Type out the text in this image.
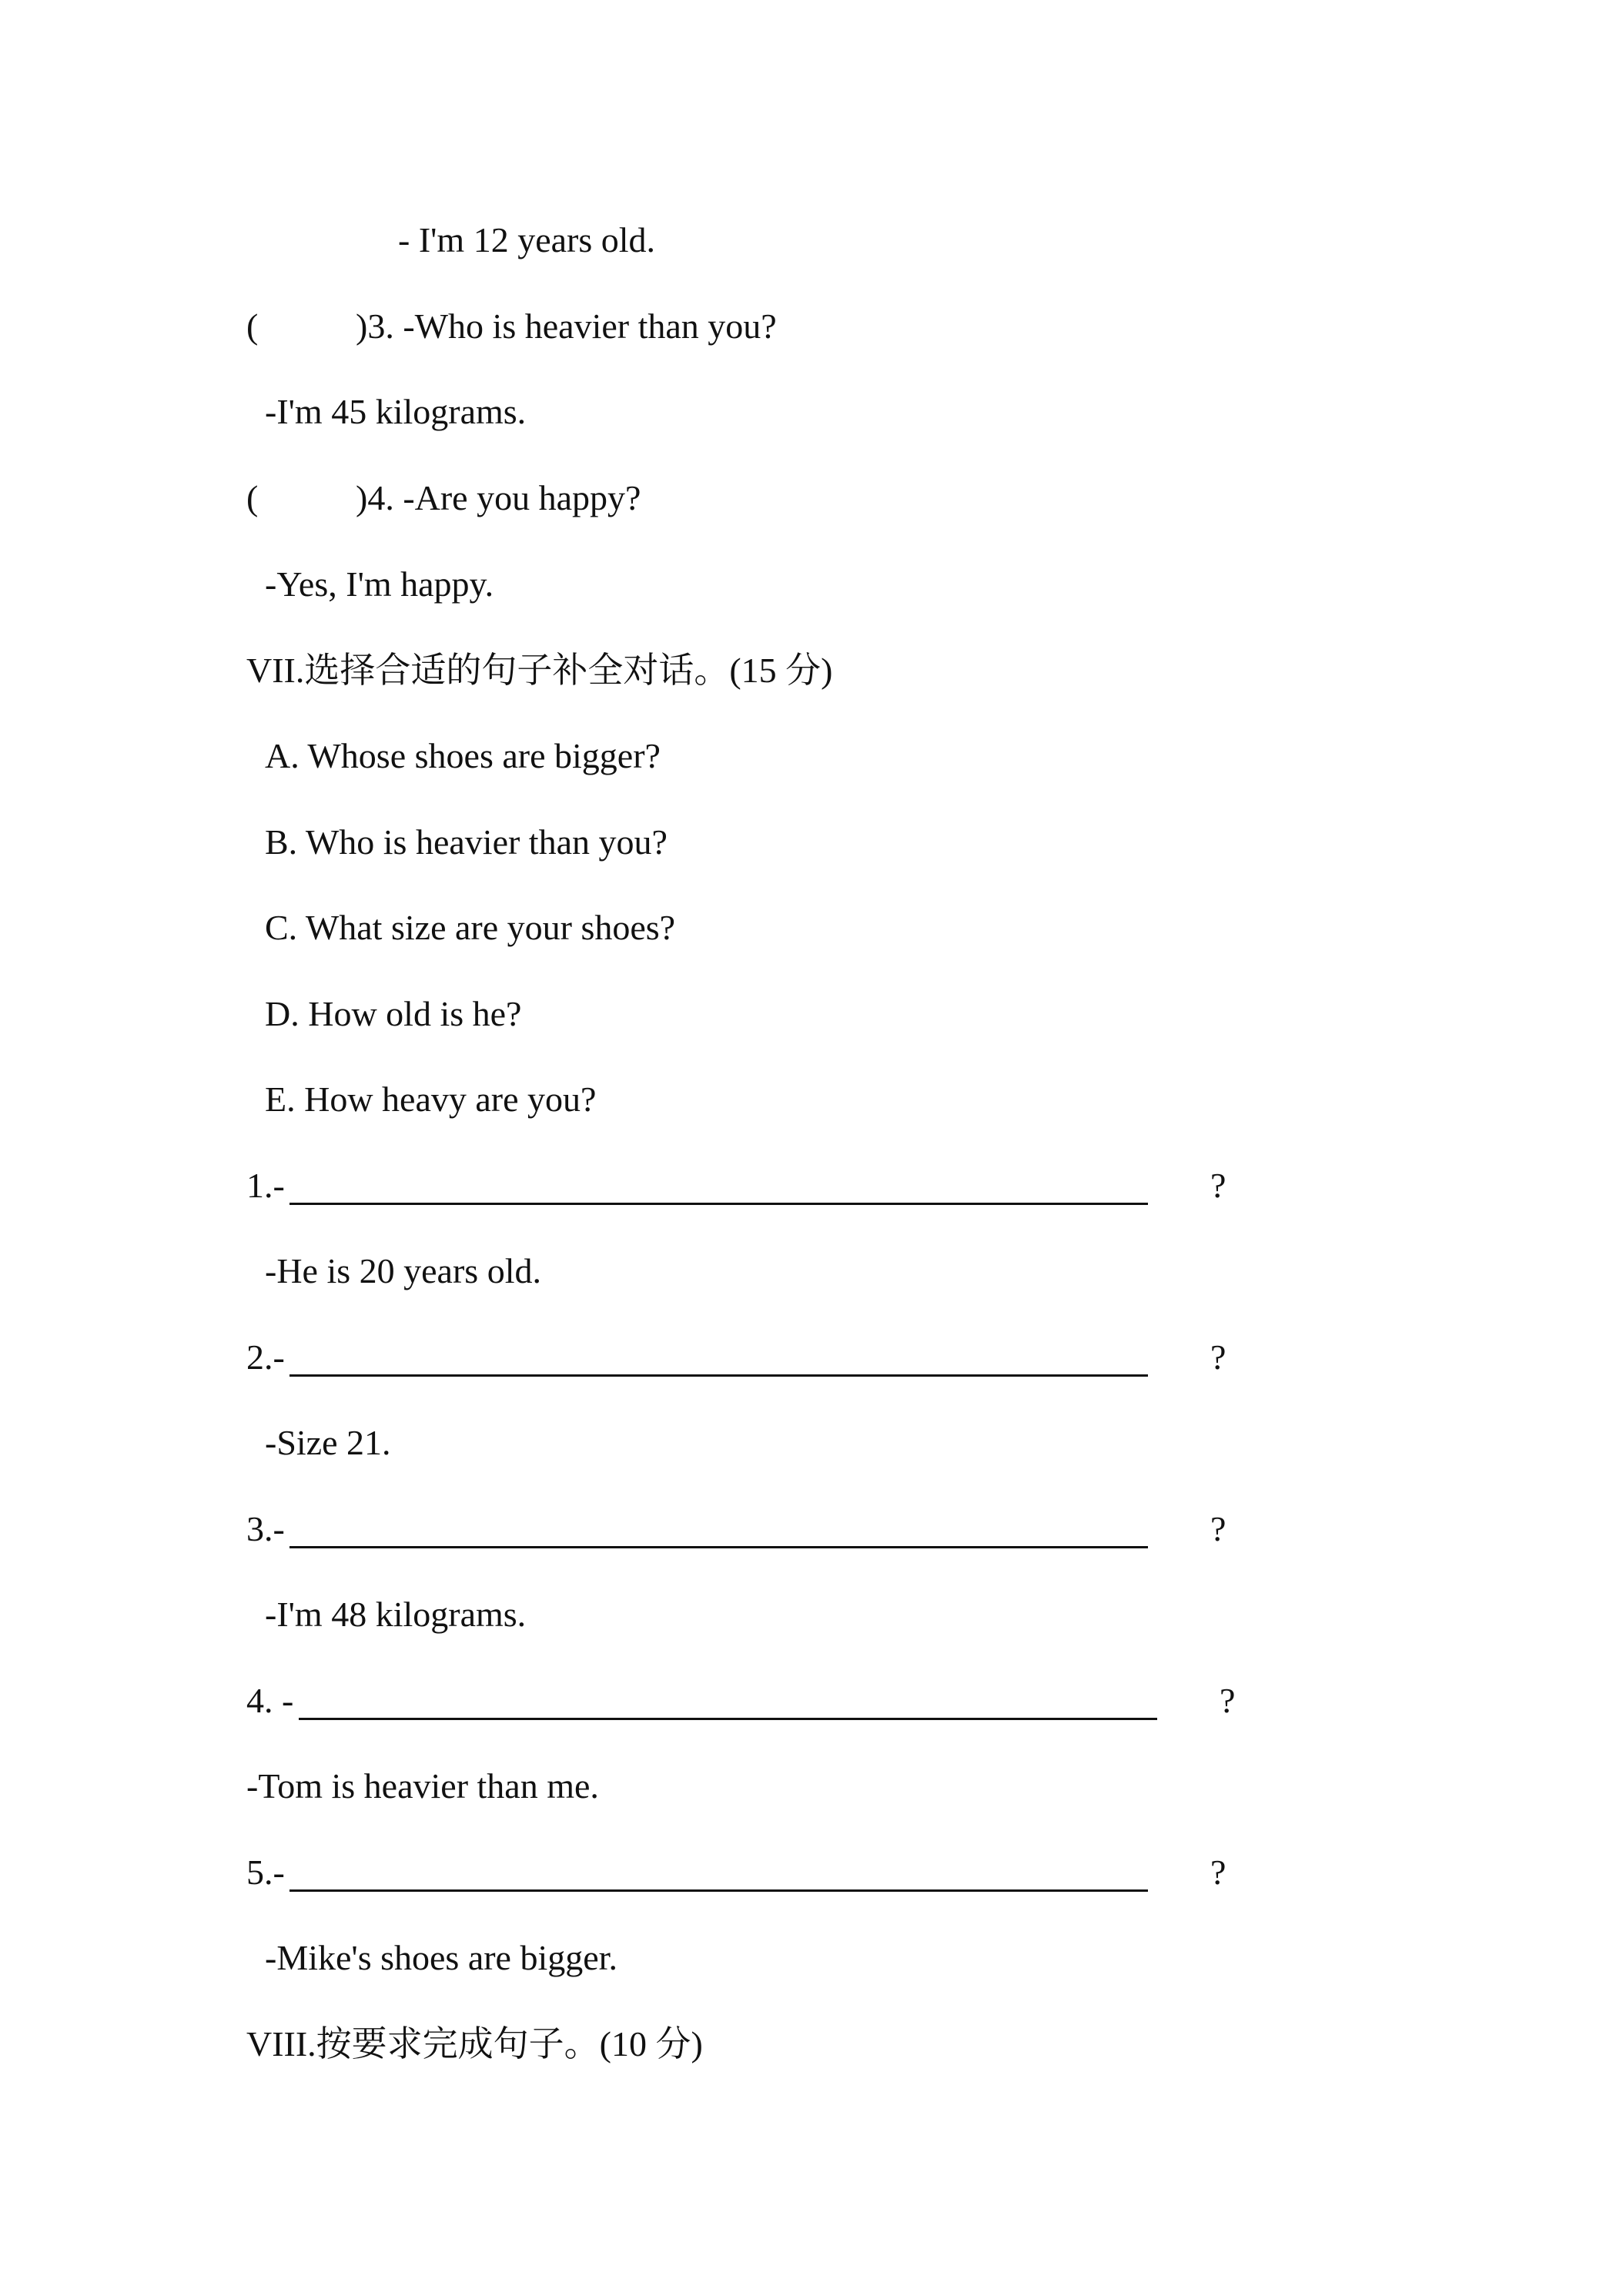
- I'm 12 years old.
(	)3. -Who is heavier than you?
-I'm 45 kilograms.
(	)4. -Are you happy?
-Yes, I'm happy.
VII.选择合适的句子补全对话。(15 分)
A. Whose shoes are bigger?
B. Who is heavier than you?
C. What size are your shoes?
D. How old is he?
E. How heavy are you?
1.-	?
-He is 20 years old.
2.-	?
-Size 21.
3.-	?
-I'm 48 kilograms.
4. -	?
-Tom is heavier than me.
5.-	?
-Mike's shoes are bigger.
VIII.按要求完成句子。(10 分)
